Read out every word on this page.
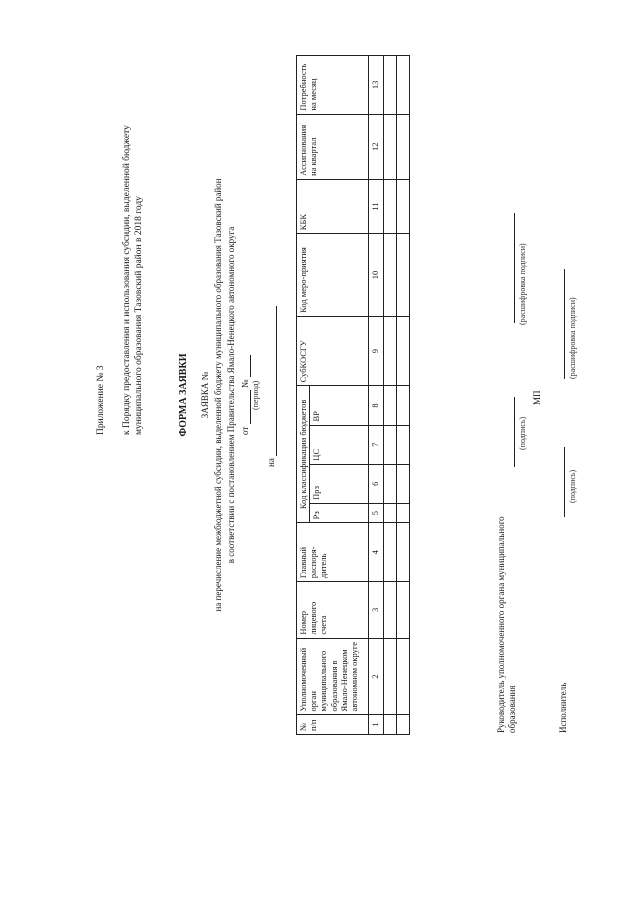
Приложение № 3 к Порядку предоставления и использования субсидии, выделенной бюджету муниципального образования Тазовский район в 2018 году	ФОРМА ЗАЯВКИ ЗАЯВКА № на перечисление межбюджетной субсидии, выделенной бюджету муниципального образования Тазовский район в соответствии с постановлением Правительства Ямало-Ненецкого автономного округа от  №
на
(период)
№ п/п	Уполномоченный орган муниципального образования в Ямало-Ненецком автономном округе	Номер лицевого счета	Главный распоря-дитель	Код классификации бюджетов				СубКОСГУ	Код меро-приятия	КБК	Ассигнования на квартал	Потребность на месяц
				Рз	Прз	ЦС	ВР					
1	2	3	4	5	6	7	8	9	10	11	12	13

Руководитель уполномоченного органа муниципального образования
(подпись)
(расшифровка подписи)
МП
Исполнитель
(подпись)
(расшифровка подписи)
